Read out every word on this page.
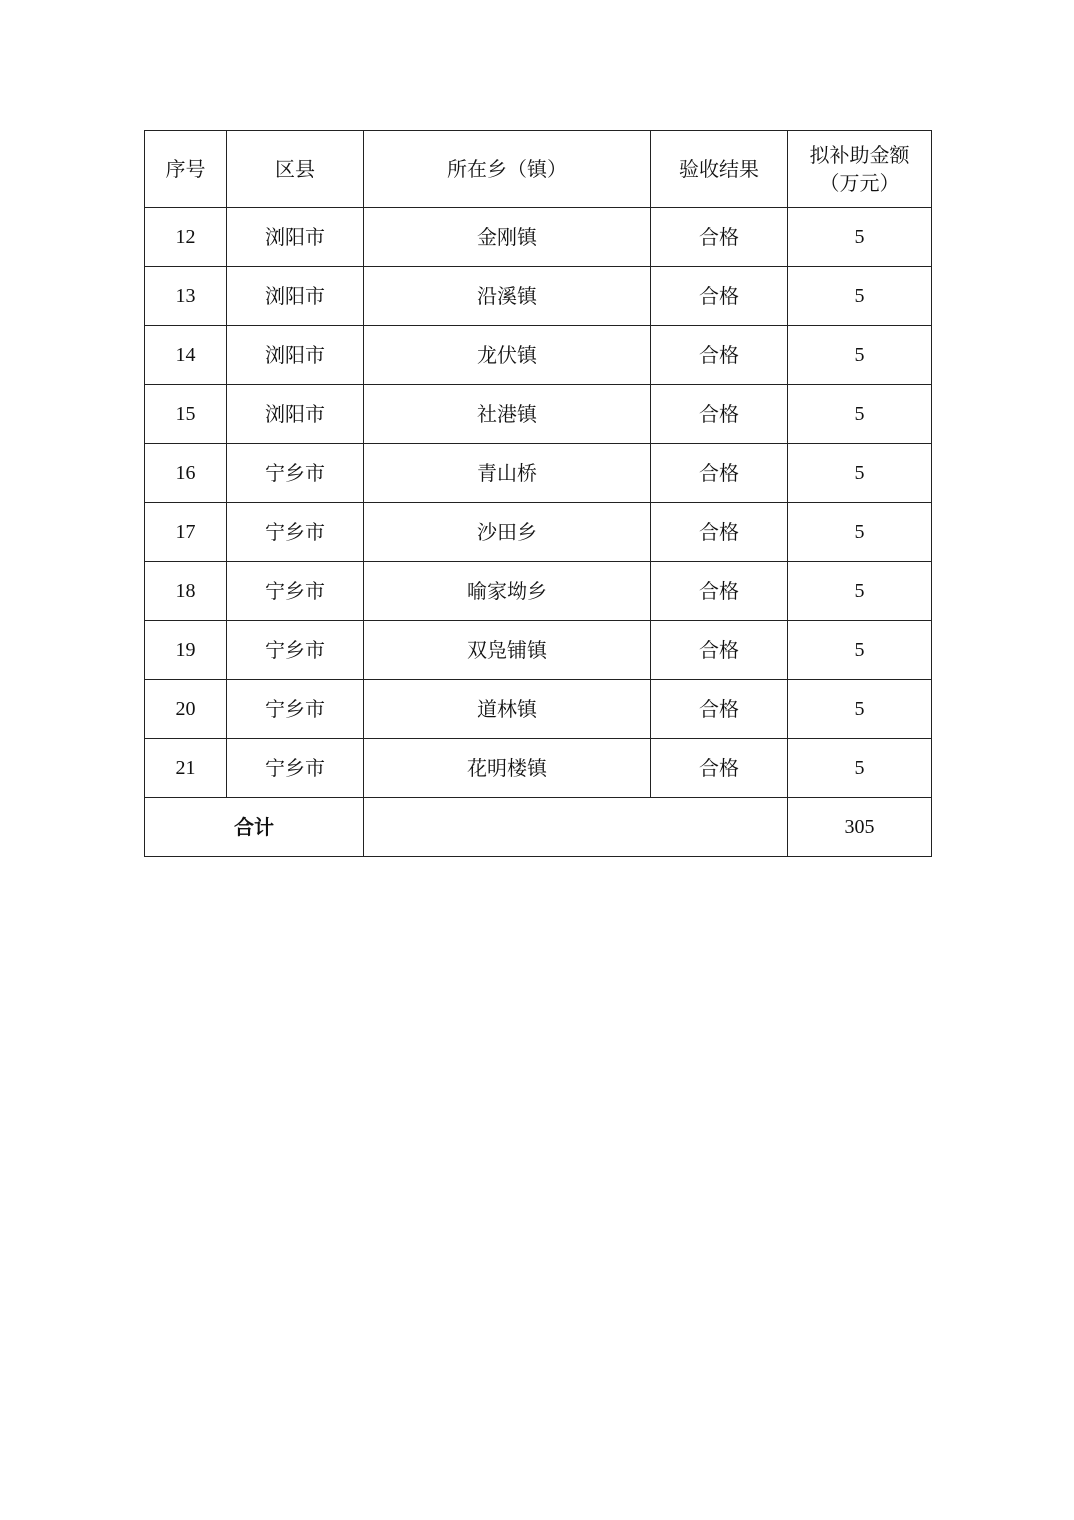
序号	区县	所在乡（镇）	验收结果	拟补助金额
（万元）

12	浏阳市	金刚镇	合格	5
13	浏阳市	沿溪镇	合格	5
14	浏阳市	龙伏镇	合格	5
15	浏阳市	社港镇	合格	5
16	宁乡市	青山桥	合格	5
17	宁乡市	沙田乡	合格	5
18	宁乡市	喻家坳乡	合格	5
19	宁乡市	双凫铺镇	合格	5
20	宁乡市	道林镇	合格	5
21	宁乡市	花明楼镇	合格	5
合计				305
